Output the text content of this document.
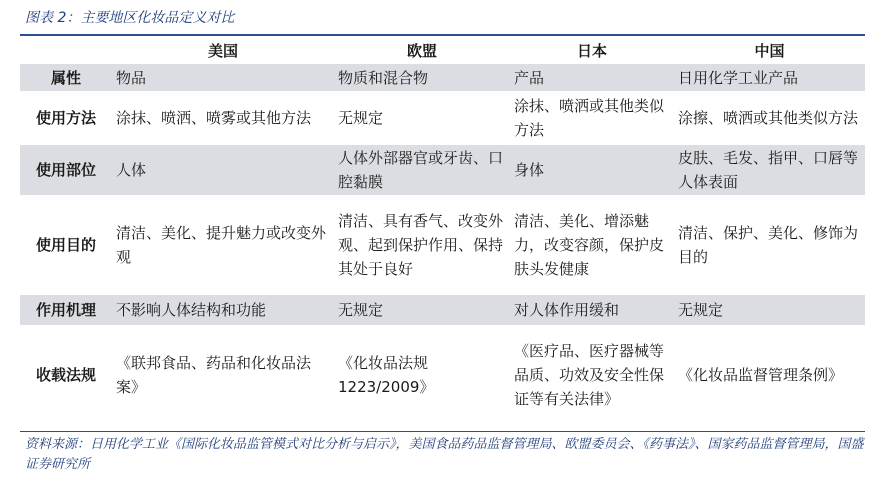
图表 2：主要地区化妆品定义对比
	美国	欧盟	日本	中国
属性	物品	物质和混合物	产品	日用化学工业产品
使用方法	涂抹、喷洒、喷雾或其他方法	无规定	涂抹、喷洒或其他类似方法	涂擦、喷洒或其他类似方法
使用部位	人体	人体外部器官或牙齿、口腔黏膜	身体	皮肤、毛发、指甲、口唇等人体表面
使用目的	清洁、美化、提升魅力或改变外观	清洁、具有香气、改变外观、起到保护作用、保持其处于良好	清洁、美化、增添魅力，改变容颜，保护皮肤头发健康	清洁、保护、美化、修饰为目的
作用机理	不影响人体结构和功能	无规定	对人体作用缓和	无规定
收载法规	《联邦食品、药品和化妆品法案》	《化妆品法规1223/2009》	《医疗品、医疗器械等品质、功效及安全性保证等有关法律》	《化妆品监督管理条例》
资料来源：日用化学工业《国际化妆品监管模式对比分析与启示》，美国食品药品监督管理局、欧盟委员会、《药事法》、国家药品监督管理局，国盛证券研究所
